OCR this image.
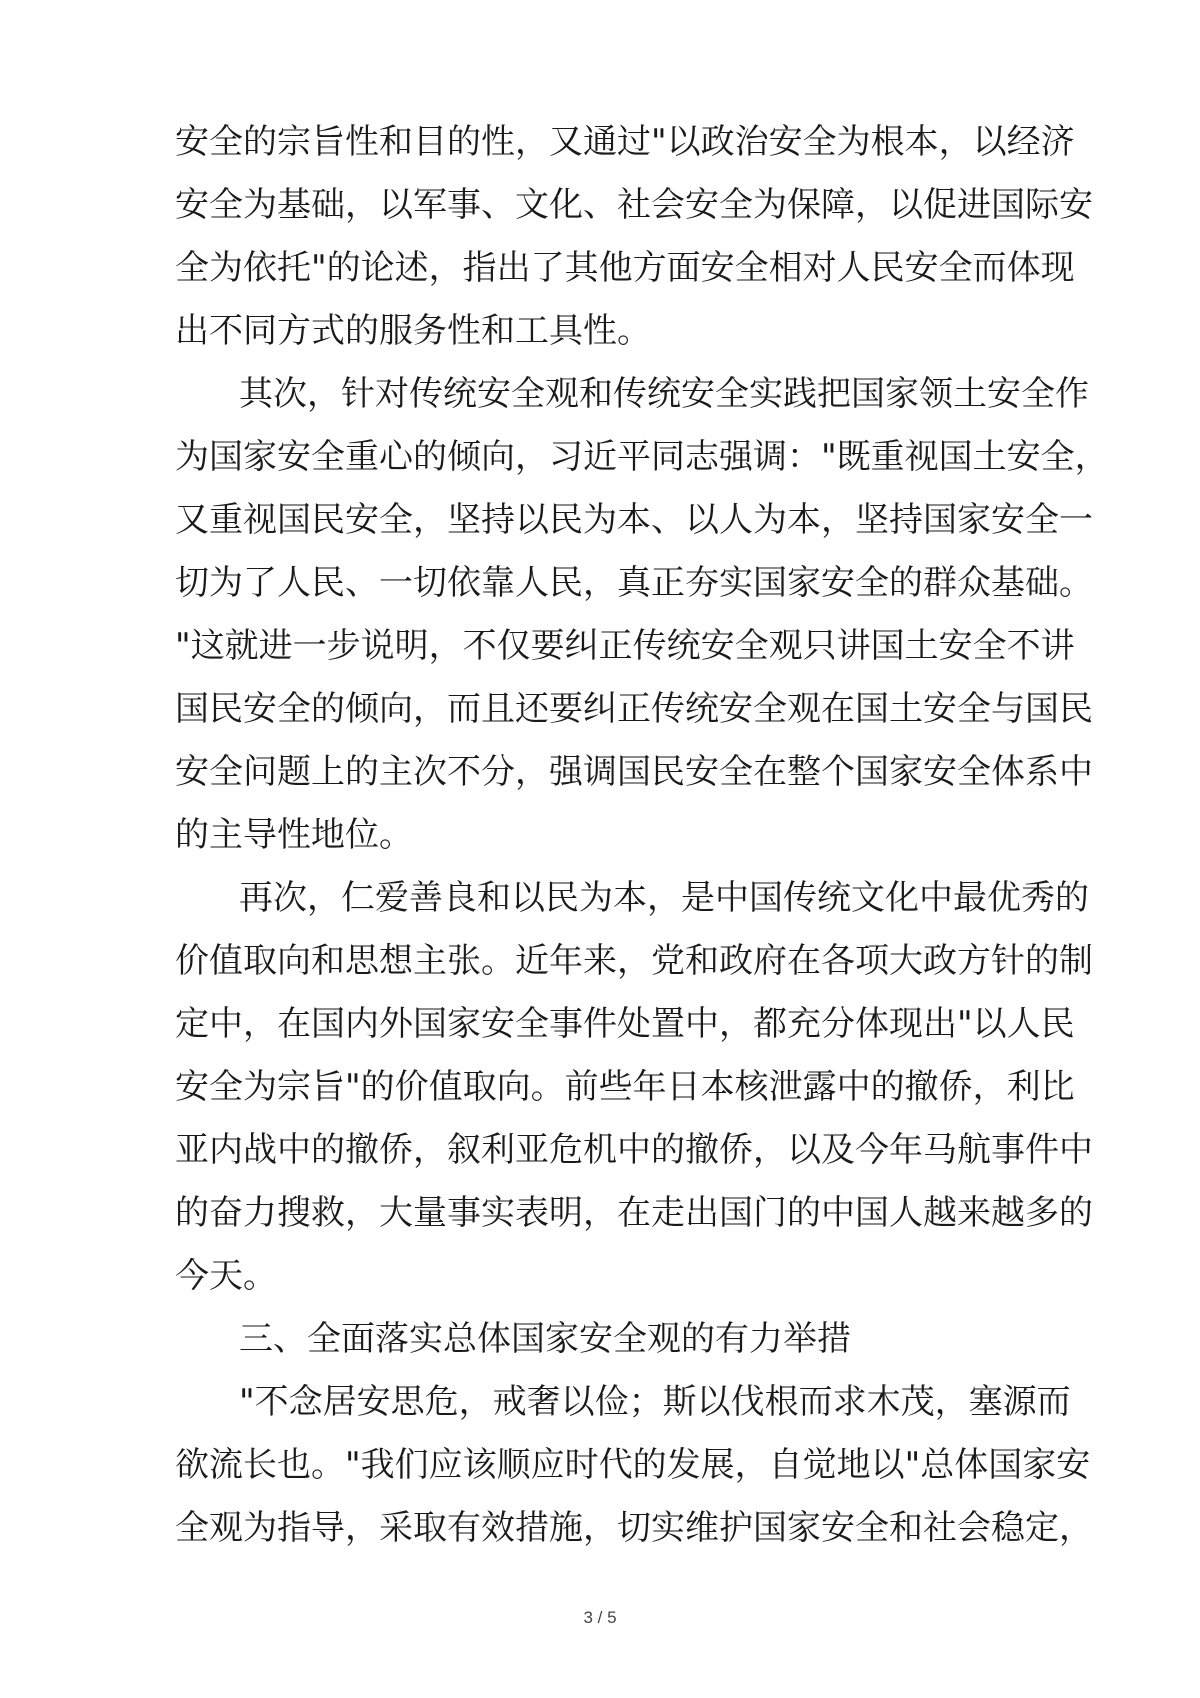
安全的宗旨性和目的性，又通过"以政治安全为根本，以经济
安全为基础，以军事、文化、社会安全为保障，以促进国际安
全为依托"的论述，指出了其他方面安全相对人民安全而体现
出不同方式的服务性和工具性。
其次，针对传统安全观和传统安全实践把国家领土安全作
为国家安全重心的倾向，习近平同志强调："既重视国土安全，
又重视国民安全，坚持以民为本、以人为本，坚持国家安全一
切为了人民、一切依靠人民，真正夯实国家安全的群众基础。
"这就进一步说明，不仅要纠正传统安全观只讲国土安全不讲
国民安全的倾向，而且还要纠正传统安全观在国土安全与国民
安全问题上的主次不分，强调国民安全在整个国家安全体系中
的主导性地位。
再次，仁爱善良和以民为本，是中国传统文化中最优秀的
价值取向和思想主张。近年来，党和政府在各项大政方针的制
定中，在国内外国家安全事件处置中，都充分体现出"以人民
安全为宗旨"的价值取向。前些年日本核泄露中的撤侨，利比
亚内战中的撤侨，叙利亚危机中的撤侨，以及今年马航事件中
的奋力搜救，大量事实表明，在走出国门的中国人越来越多的
今天。
三、全面落实总体国家安全观的有力举措
"不念居安思危，戒奢以俭；斯以伐根而求木茂，塞源而
欲流长也。"我们应该顺应时代的发展，自觉地以"总体国家安
全观为指导，采取有效措施，切实维护国家安全和社会稳定，
3 / 5
